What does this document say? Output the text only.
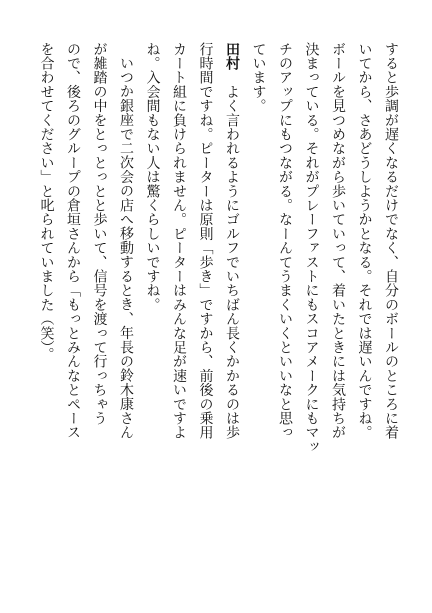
すると歩調が遅くなるだけでなく、自分のボールのところに着

いてから、さあどうしようかとなる。それでは遅いんですね。

ボールを見つめながら歩いていって、着いたときには気持ちが

決まっている。それがプレーファストにもスコアメークにもマッ

チのアップにもつながる。なーんてうまくいくといいなと思っ

ています。

田村　よく言われるようにゴルフでいちばん長くかかるのは歩

行時間ですね。ピーターは原則「歩き」ですから、前後の乗用

カート組に負けられません。ピーターはみんな足が速いですよ

ね。入会間もない人は驚くらしいですね。

いつか銀座で二次会の店へ移動するとき、年長の鈴木康さん

が雑踏の中をとっとっとと歩いて、信号を渡って行っちゃう

ので、後ろのグループの倉垣さんから「もっとみんなとペース

を合わせてください」と叱られていました（笑）。
